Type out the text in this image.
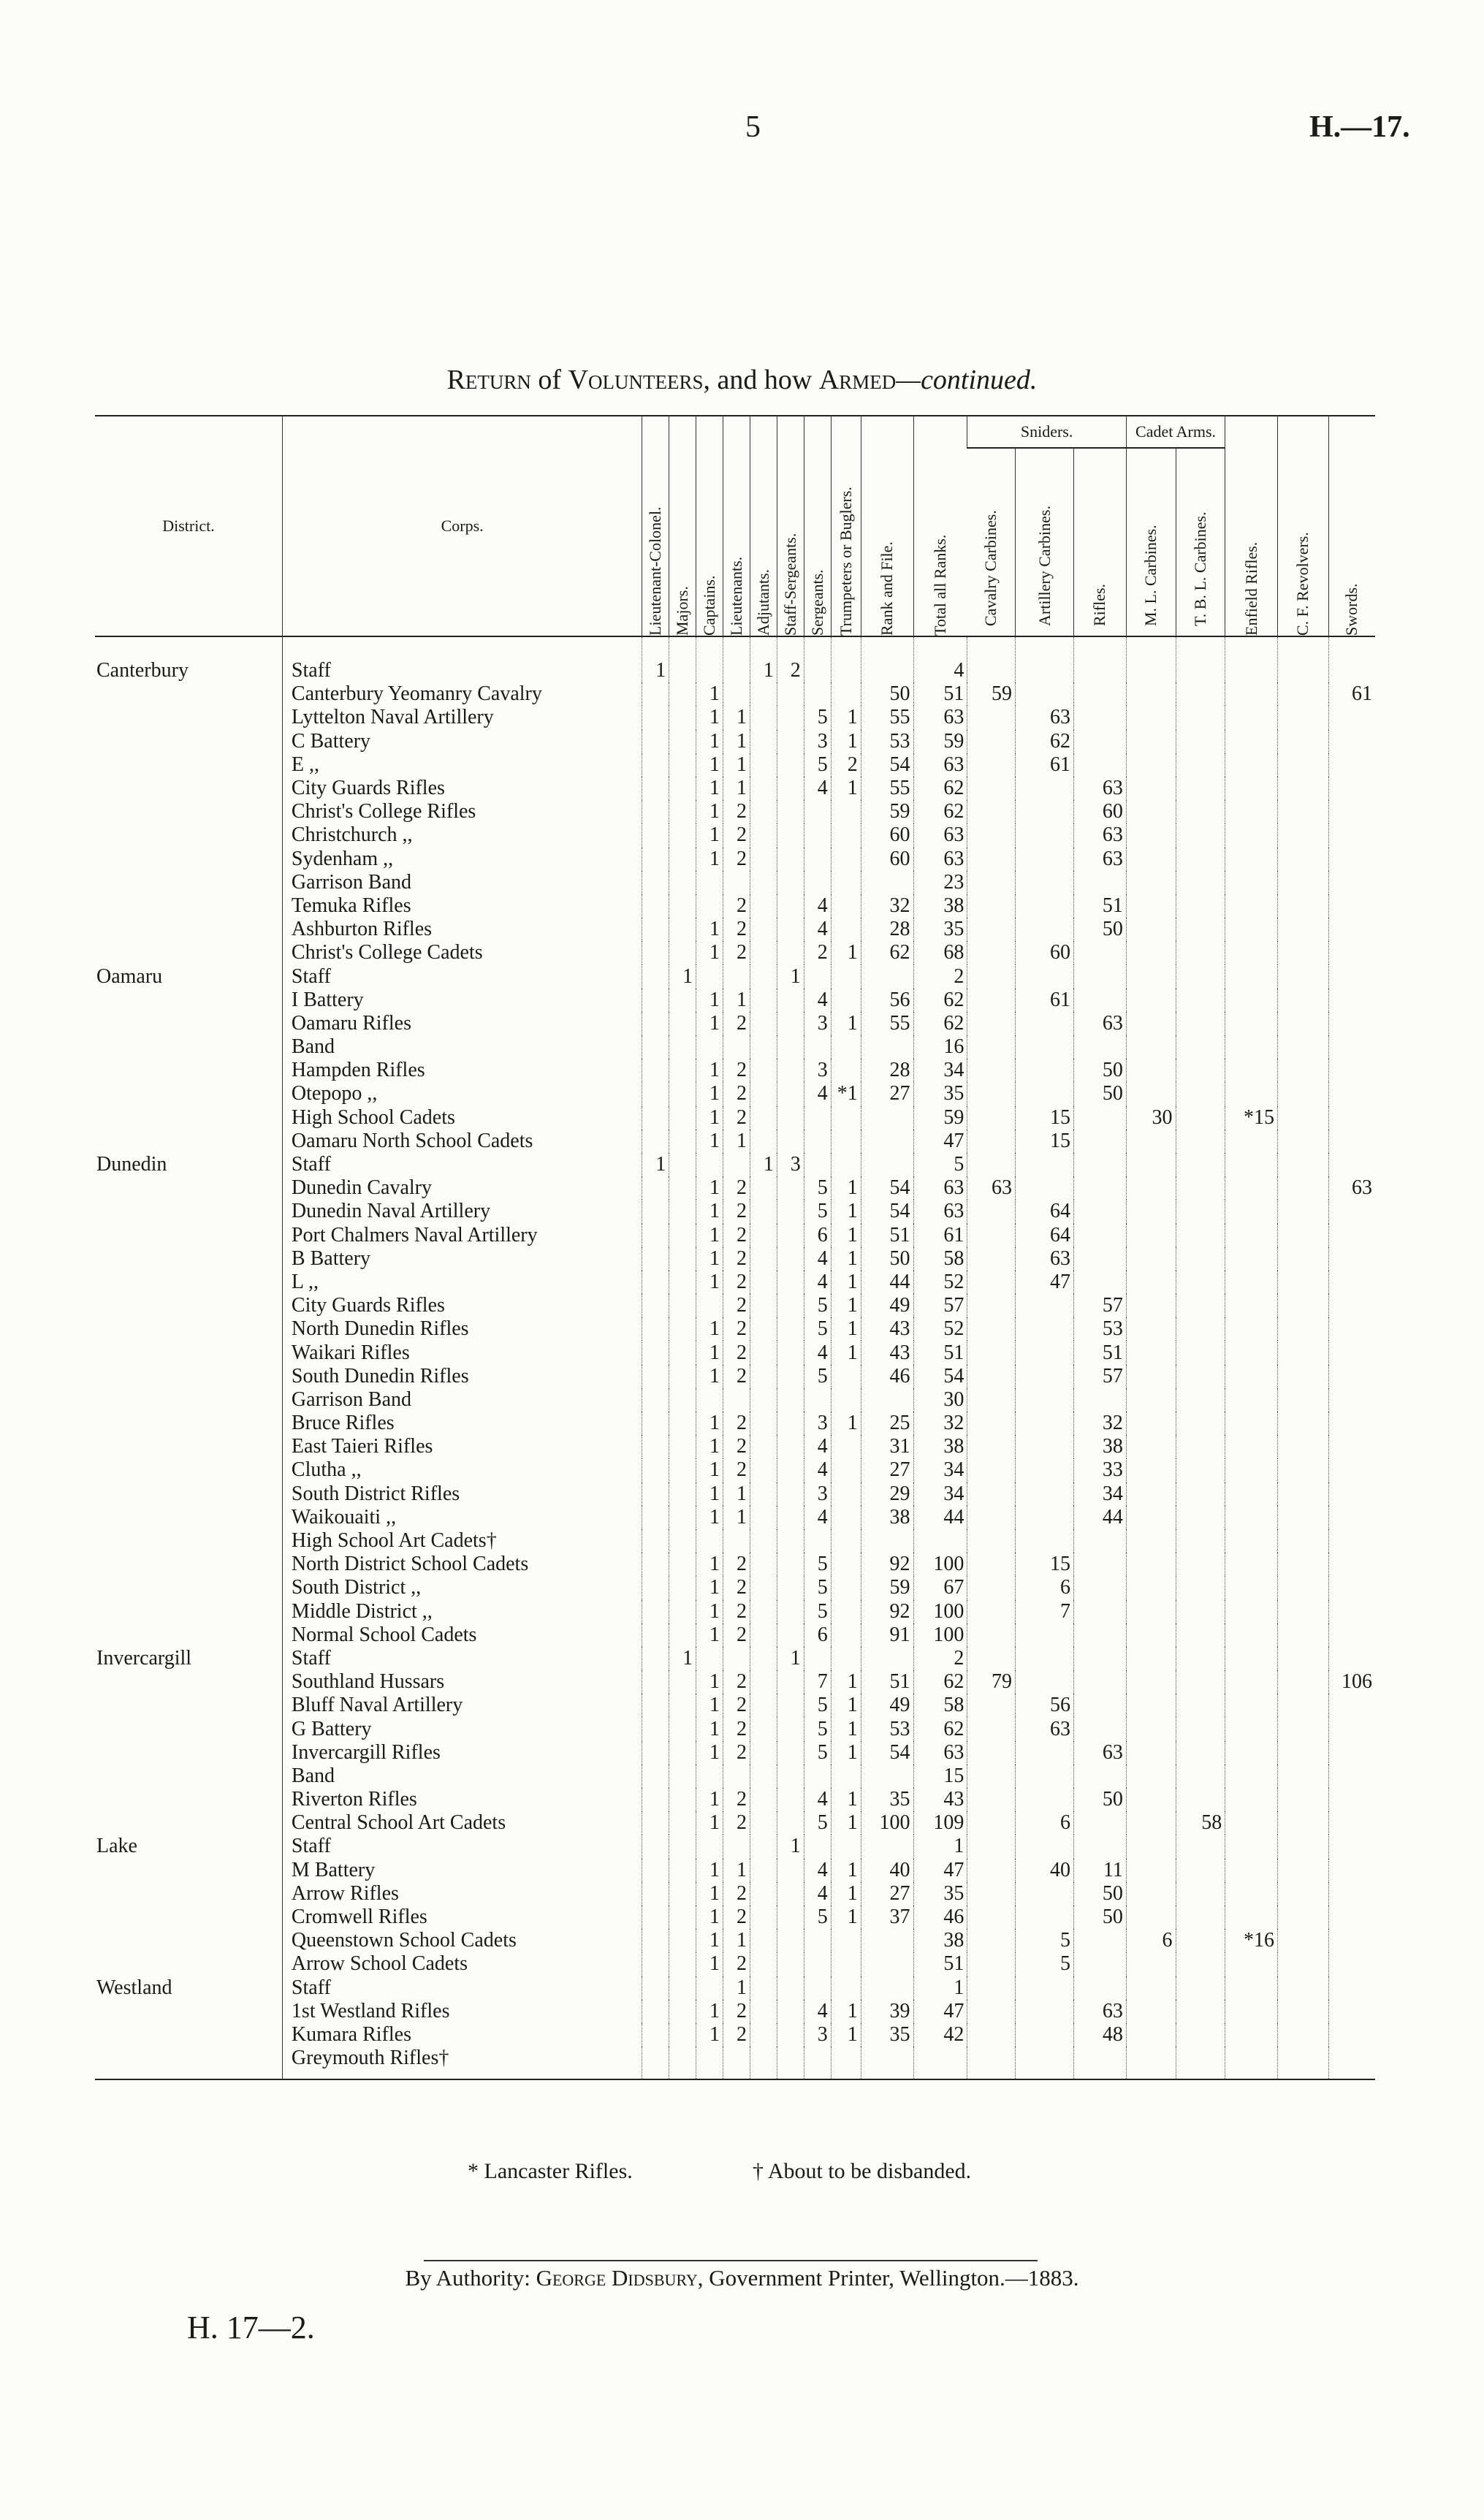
5	H.—17.
Return of Volunteers, and how Armed—continued.
District.	Corps.	Lieutenant-Colonel.	Majors.	Captains.	Lieutenants.	Adjutants.	Staff-Sergeants.	Sergeants.	Trumpeters or Buglers.	Rank and File.	Total all Ranks.	Sniders.			Cadet Arms.		Enfield Rifles.	C. F. Revolvers.	Swords.

												Cavalry Carbines.	Artillery Carbines.	Rifles.	M. L. Carbines.	T. B. L. Carbines.			

Canterbury	Staff	1				1	2				4								
	Canterbury Yeomanry Cavalry			1						50	51	59							61
	Lyttelton Naval Artillery			1	1			5	1	55	63		63						
	C Battery			1	1			3	1	53	59		62						
	E ,,			1	1			5	2	54	63		61						
	City Guards Rifles			1	1			4	1	55	62			63					
	Christ's College Rifles			1	2					59	62			60					
	Christchurch ,,			1	2					60	63			63					
	Sydenham ,,			1	2					60	63			63					
	Garrison Band										23								
	Temuka Rifles				2			4		32	38			51					
	Ashburton Rifles			1	2			4		28	35			50					
	Christ's College Cadets			1	2			2	1	62	68		60						
Oamaru	Staff		1				1				2								
	I Battery			1	1			4		56	62		61						
	Oamaru Rifles			1	2			3	1	55	62			63					
	Band										16								
	Hampden Rifles			1	2			3		28	34			50					
	Otepopo ,,			1	2			4	*1	27	35			50					
	High School Cadets			1	2						59		15		30		*15		
	Oamaru North School Cadets			1	1						47		15						
Dunedin	Staff	1				1	3				5								
	Dunedin Cavalry			1	2			5	1	54	63	63							63
	Dunedin Naval Artillery			1	2			5	1	54	63		64						
	Port Chalmers Naval Artillery			1	2			6	1	51	61		64						
	B Battery			1	2			4	1	50	58		63						
	L ,,			1	2			4	1	44	52		47						
	City Guards Rifles				2			5	1	49	57			57					
	North Dunedin Rifles			1	2			5	1	43	52			53					
	Waikari Rifles			1	2			4	1	43	51			51					
	South Dunedin Rifles			1	2			5		46	54			57					
	Garrison Band										30								
	Bruce Rifles			1	2			3	1	25	32			32					
	East Taieri Rifles			1	2			4		31	38			38					
	Clutha ,,			1	2			4		27	34			33					
	South District Rifles			1	1			3		29	34			34					
	Waikouaiti ,,			1	1			4		38	44			44					
	High School Art Cadets†																		
	North District School Cadets			1	2			5		92	100		15						
	South District ,,			1	2			5		59	67		6						
	Middle District ,,			1	2			5		92	100		7						
	Normal School Cadets			1	2			6		91	100								
Invercargill	Staff		1				1				2								
	Southland Hussars			1	2			7	1	51	62	79							106
	Bluff Naval Artillery			1	2			5	1	49	58		56						
	G Battery			1	2			5	1	53	62		63						
	Invercargill Rifles			1	2			5	1	54	63			63					
	Band										15								
	Riverton Rifles			1	2			4	1	35	43			50					
	Central School Art Cadets			1	2			5	1	100	109		6			58			
Lake	Staff						1				1								
	M Battery			1	1			4	1	40	47		40	11					
	Arrow Rifles			1	2			4	1	27	35			50					
	Cromwell Rifles			1	2			5	1	37	46			50					
	Queenstown School Cadets			1	1						38		5		6		*16		
	Arrow School Cadets			1	2						51		5						
Westland	Staff				1						1								
	1st Westland Rifles			1	2			4	1	39	47			63					
	Kumara Rifles			1	2			3	1	35	42			48					
	Greymouth Rifles†																		
* Lancaster Rifles.	† About to be disbanded.
By Authority: George Didsbury, Government Printer, Wellington.—1883.
H. 17—2.
